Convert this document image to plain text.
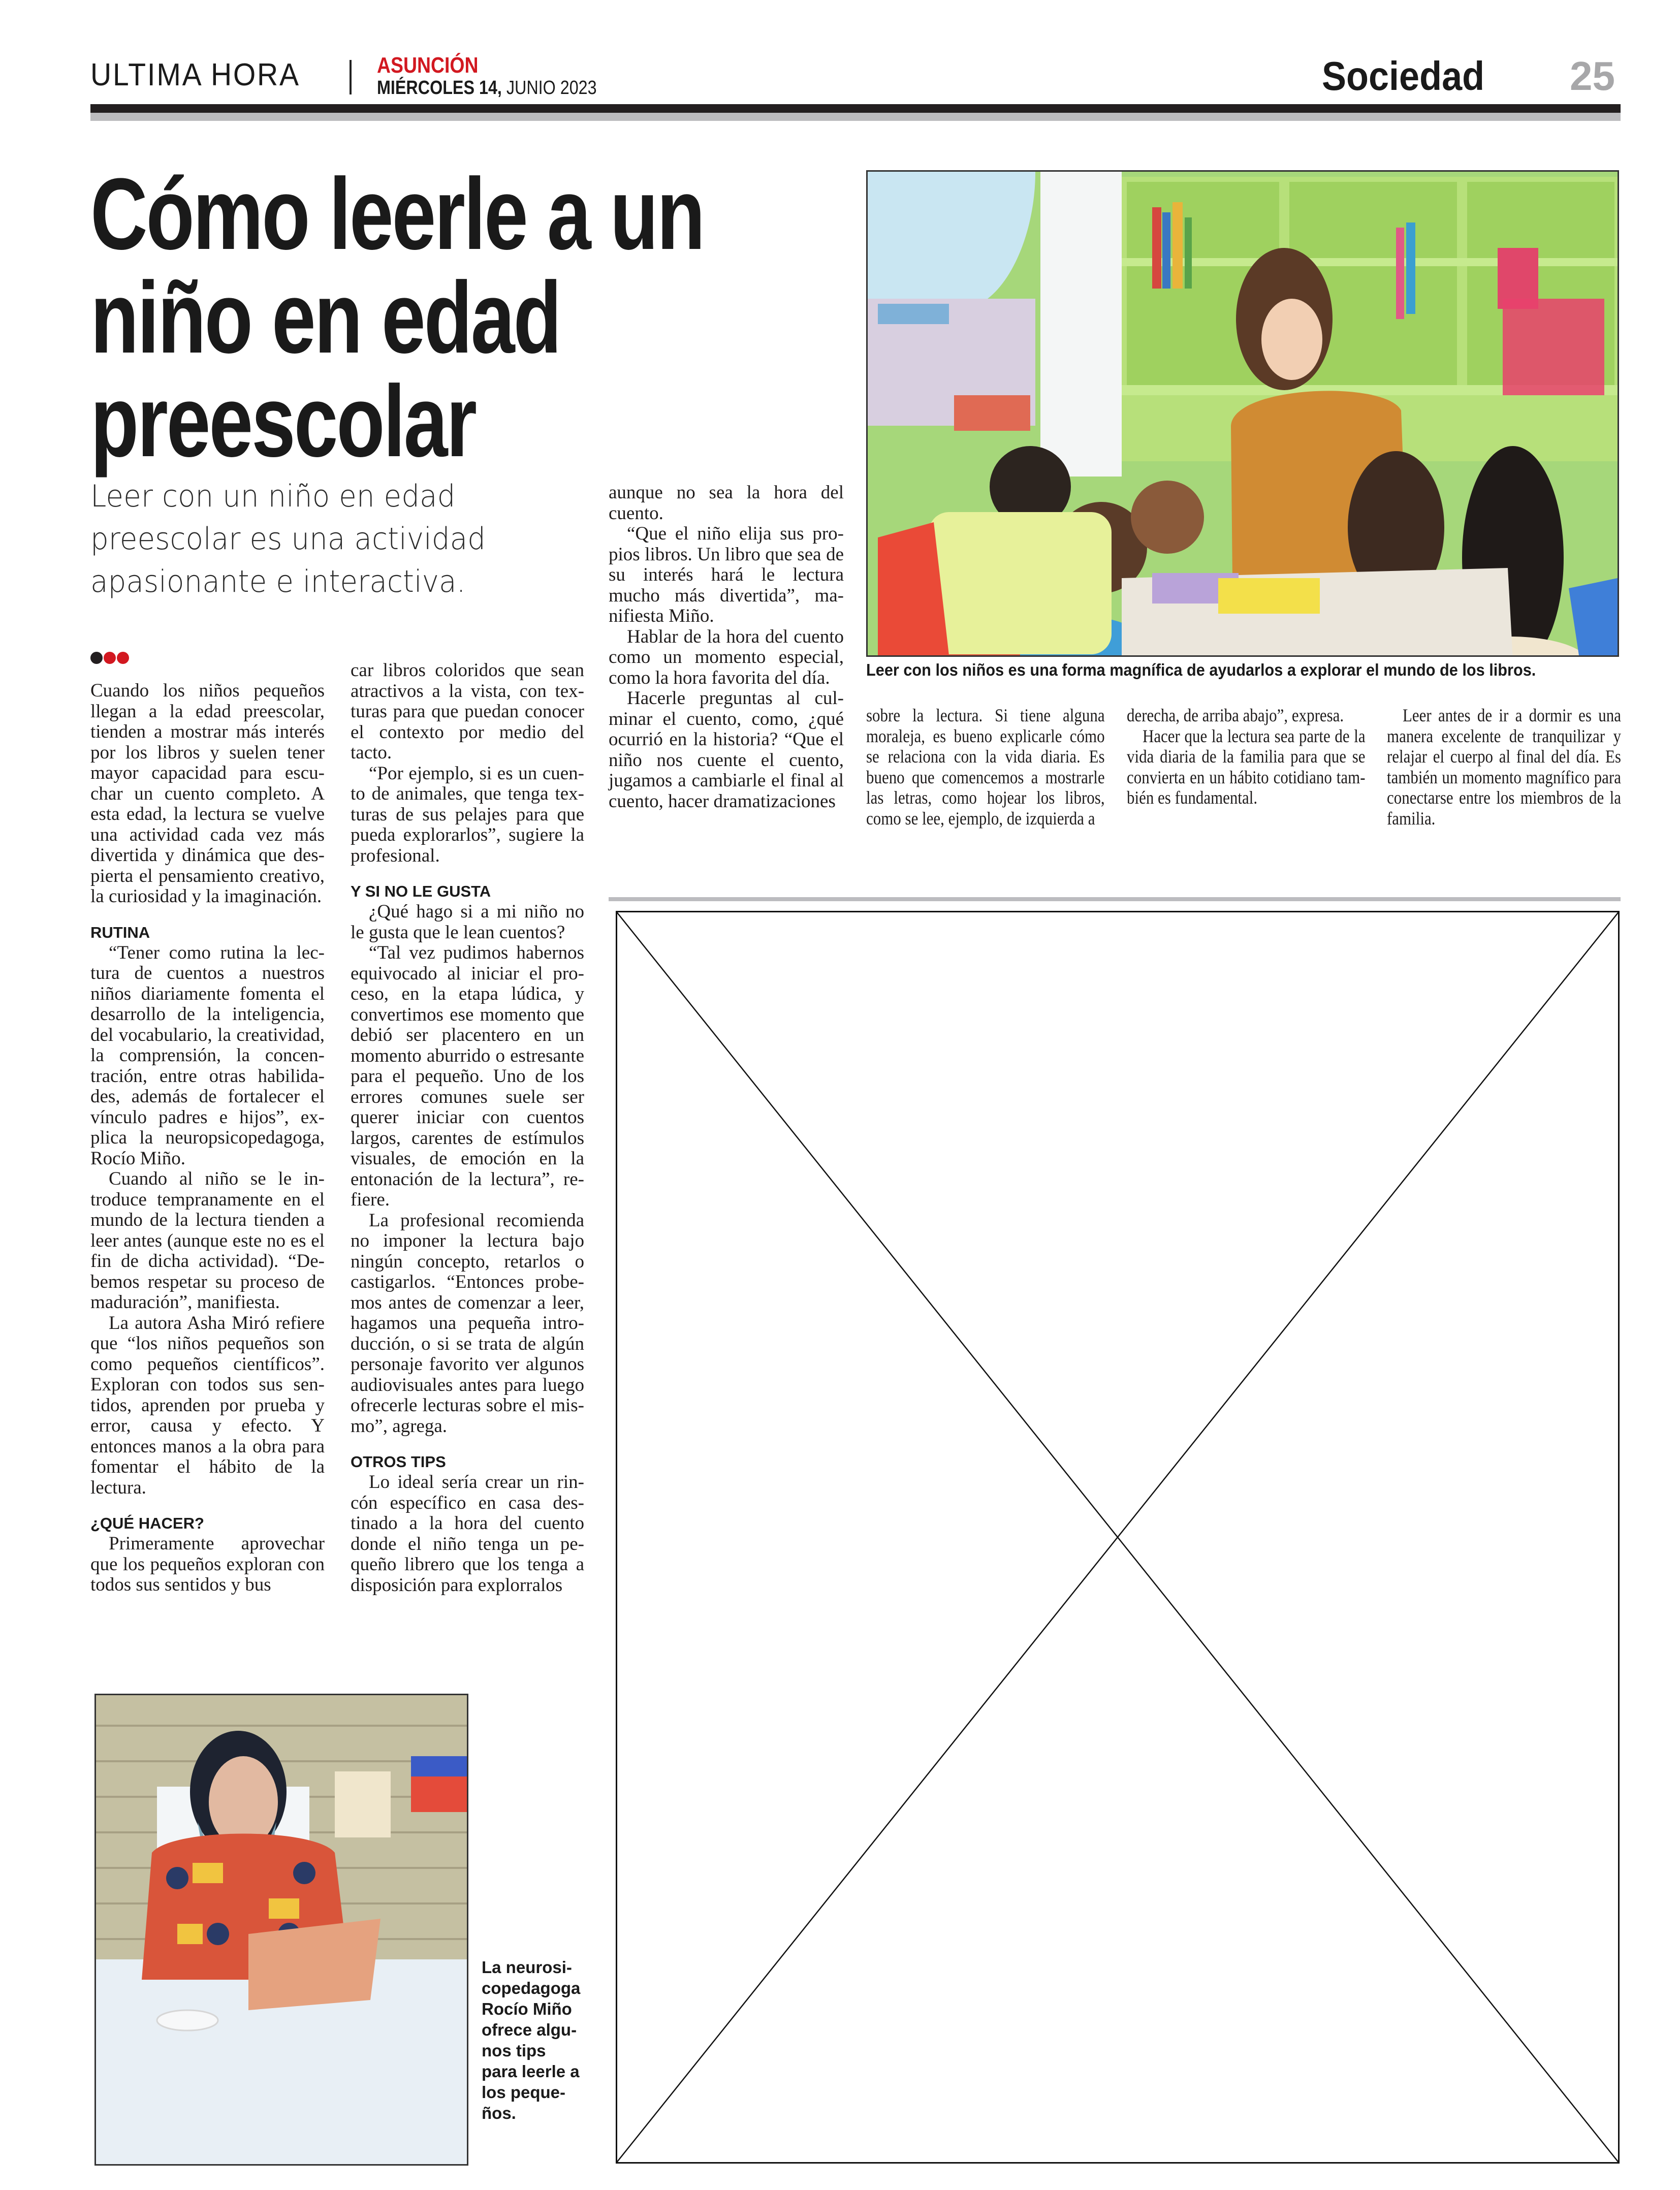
ULTIMA HORA	ASUNCIÓN
MIÉRCOLES 14, JUNIO 2023	Sociedad 25
Cómo leerle a un
niño en edad
preescolar
Leer con un niño en edad
preescolar es una actividad
apasionante e interactiva.

Cuando los niños pequeños llegan a la edad preescolar, tienden a mostrar más interés por los libros y suelen tener mayor capacidad para escuchar un cuento completo. A esta edad, la lectura se vuelve una actividad cada vez más divertida y dinámica que despierta el pensamiento creativo, la curiosidad y la imaginación.

RUTINA

“Tener como rutina la lectura de cuentos a nuestros niños diariamente fomenta el desarrollo de la inteligencia, del vocabulario, la creatividad, la comprensión, la concentración, entre otras habilidades, además de fortalecer el vínculo padres e hijos”, explica la neuropsicopedagoga, Rocío Miño.

Cuando al niño se le introduce tempranamente en el mundo de la lectura tienden a leer antes (aunque este no es el fin de dicha actividad). “Debemos respetar su proceso de maduración”, manifiesta.

La autora Asha Miró refiere que “los niños pequeños son como pequeños científicos”. Exploran con todos sus sentidos, aprenden por prueba y error, causa y efecto. Y entonces manos a la obra para fomentar el hábito de la lectura.

¿QUÉ HACER?

Primeramente aprovechar que los pequeños exploran con todos sus sentidos y bus

car libros coloridos que sean atractivos a la vista, con texturas para que puedan conocer el contexto por medio del tacto.

“Por ejemplo, si es un cuento de animales, que tenga texturas de sus pelajes para que pueda explorarlos”, sugiere la profesional.

Y SI NO LE GUSTA

¿Qué hago si a mi niño no le gusta que le lean cuentos?

“Tal vez pudimos habernos equivocado al iniciar el proceso, en la etapa lúdica, y convertimos ese momento que debió ser placentero en un momento aburrido o estresante para el pequeño. Uno de los errores comunes suele ser querer iniciar con cuentos largos, carentes de estímulos visuales, de emoción en la entonación de la lectura”, refiere.

La profesional recomienda no imponer la lectura bajo ningún concepto, retarlos o castigarlos. “Entonces probemos antes de comenzar a leer, hagamos una pequeña introducción, o si se trata de algún personaje favorito ver algunos audiovisuales antes para luego ofrecerle lecturas sobre el mismo”, agrega.

OTROS TIPS

Lo ideal sería crear un rincón específico en casa destinado a la hora del cuento donde el niño tenga un pequeño librero que los tenga a disposición para explorralos

aunque no sea la hora del cuento.

“Que el niño elija sus propios libros. Un libro que sea de su interés hará le lectura mucho más divertida”, manifiesta Miño.

Hablar de la hora del cuento como un momento especial, como la hora favorita del día.

Hacerle preguntas al culminar el cuento, como, ¿qué ocurrió en la historia? “Que el niño nos cuente el cuento, jugamos a cambiarle el final al cuento, hacer dramatizaciones

Leer con los niños es una forma magnífica de ayudarlos a explorar el mundo de los libros.

sobre la lectura. Si tiene alguna moraleja, es bueno explicarle cómo se relaciona con la vida diaria. Es bueno que comencemos a mostrarle las letras, como hojear los libros, como se lee, ejemplo, de izquierda a

derecha, de arriba abajo”, expresa.

Hacer que la lectura sea parte de la vida diaria de la familia para que se convierta en un hábito cotidiano también es fundamental.

Leer antes de ir a dormir es una manera excelente de tranquilizar y relajar el cuerpo al final del día. Es también un momento magnífico para conectarse entre los miembros de la familia.

La neurosicopedagoga Rocío Miño ofrece algunos tips para leerle a los pequeños.
